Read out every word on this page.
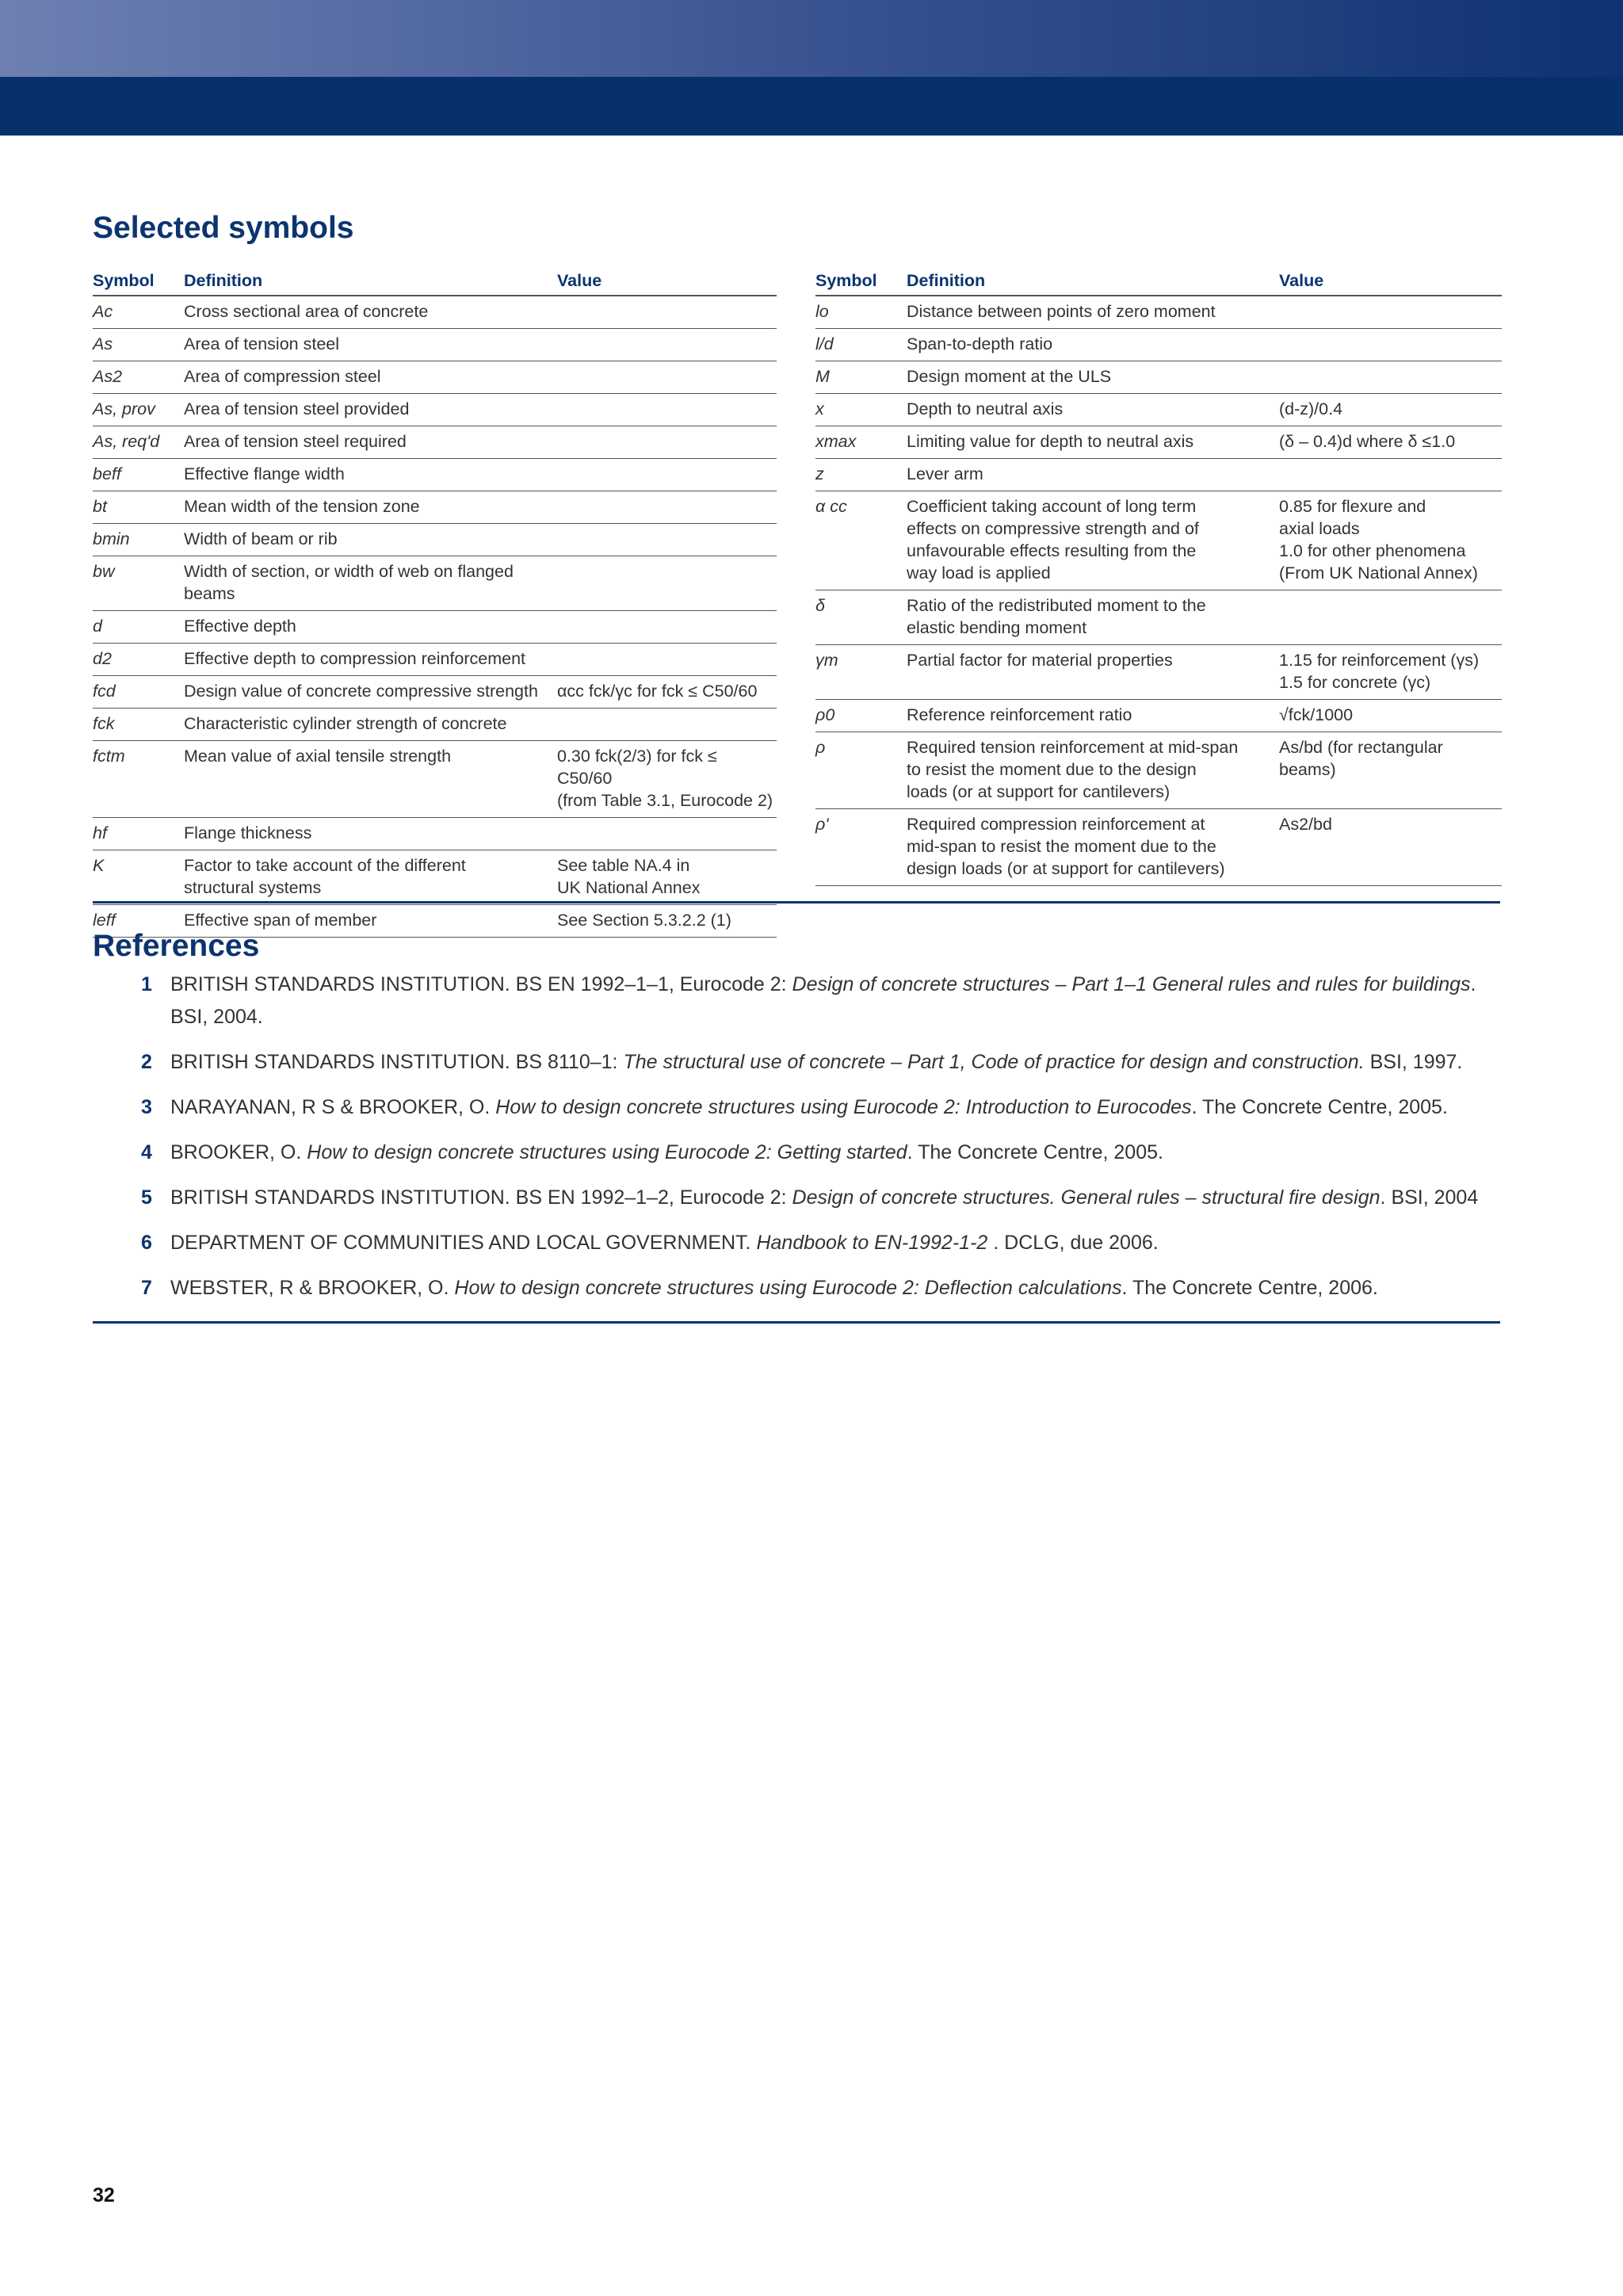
4. Beams
Selected symbols
Symbol	Definition	Value
Ac	Cross sectional area of concrete	
As	Area of tension steel	
As2	Area of compression steel	
As, prov	Area of tension steel provided	
As, req'd	Area of tension steel required	
beff	Effective flange width	
bt	Mean width of the tension zone	
bmin	Width of beam or rib	
bw	Width of section, or width of web on flanged beams	
d	Effective depth	
d2	Effective depth to compression reinforcement	
fcd	Design value of concrete compressive strength	αcc fck/γc for fck ≤ C50/60
fck	Characteristic cylinder strength of concrete	
fctm	Mean value of axial tensile strength	0.30 fck(2/3) for fck ≤ C50/60
(from Table 3.1, Eurocode 2)
hf	Flange thickness	
K	Factor to take account of the different
structural systems	See table NA.4 in
UK National Annex
leff	Effective span of member	See Section 5.3.2.2 (1)
Symbol	Definition	Value
lo	Distance between points of zero moment	
l/d	Span-to-depth ratio	
M	Design moment at the ULS	
x	Depth to neutral axis	(d-z)/0.4
xmax	Limiting value for depth to neutral axis	(δ – 0.4)d where δ ≤1.0
z	Lever arm	
α cc	Coefficient taking account of long term
effects on compressive strength and of
unfavourable effects resulting from the
way load is applied	0.85 for flexure and
axial loads
1.0 for other phenomena
(From UK National Annex)
δ	Ratio of the redistributed moment to the
elastic bending moment	
γm	Partial factor for material properties	1.15 for reinforcement (γs)
1.5 for concrete (γc)
ρ0	Reference reinforcement ratio	√fck/1000
ρ	Required tension reinforcement at mid-span
to resist the moment due to the design
loads (or at support for cantilevers)	As/bd (for rectangular beams)
ρ'	Required compression reinforcement at
mid-span to resist the moment due to the
design loads (or at support for cantilevers)	As2/bd
References
1 BRITISH STANDARDS INSTITUTION. BS EN 1992–1–1, Eurocode 2: Design of concrete structures – Part 1–1 General rules and rules for buildings. BSI, 2004.
2 BRITISH STANDARDS INSTITUTION. BS 8110–1: The structural use of concrete – Part 1, Code of practice for design and construction. BSI, 1997.
3 NARAYANAN, R S & BROOKER, O. How to design concrete structures using Eurocode 2: Introduction to Eurocodes. The Concrete Centre, 2005.
4 BROOKER, O. How to design concrete structures using Eurocode 2: Getting started. The Concrete Centre, 2005.
5 BRITISH STANDARDS INSTITUTION. BS EN 1992–1–2, Eurocode 2: Design of concrete structures. General rules – structural fire design. BSI, 2004
6 DEPARTMENT OF COMMUNITIES AND LOCAL GOVERNMENT. Handbook to EN-1992-1-2 . DCLG, due 2006.
7 WEBSTER, R & BROOKER, O. How to design concrete structures using Eurocode 2: Deflection calculations. The Concrete Centre, 2006.
32
